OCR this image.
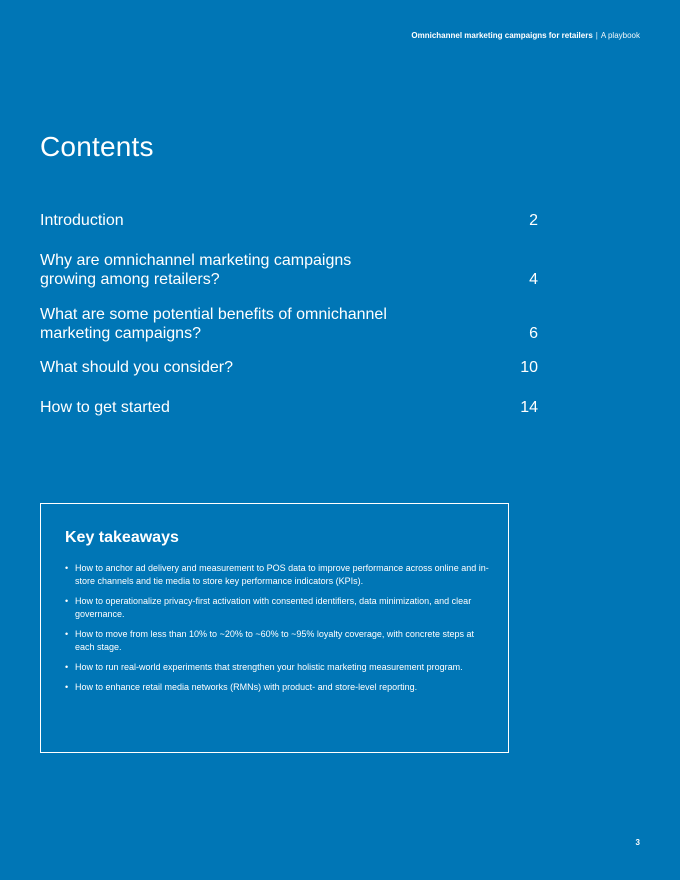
Omnichannel marketing campaigns for retailers | A playbook
Contents
Introduction	2
Why are omnichannel marketing campaigns growing among retailers?	4
What are some potential benefits of omnichannel marketing campaigns?	6
What should you consider?	10
How to get started	14
Key takeaways
• How to anchor ad delivery and measurement to POS data to improve performance across online and in-store channels and tie media to store key performance indicators (KPIs).
• How to operationalize privacy-first activation with consented identifiers, data minimization, and clear governance.
• How to move from less than 10% to ~20% to ~60% to ~95% loyalty coverage, with concrete steps at each stage.
• How to run real-world experiments that strengthen your holistic marketing measurement program.
• How to enhance retail media networks (RMNs) with product- and store-level reporting.
3
